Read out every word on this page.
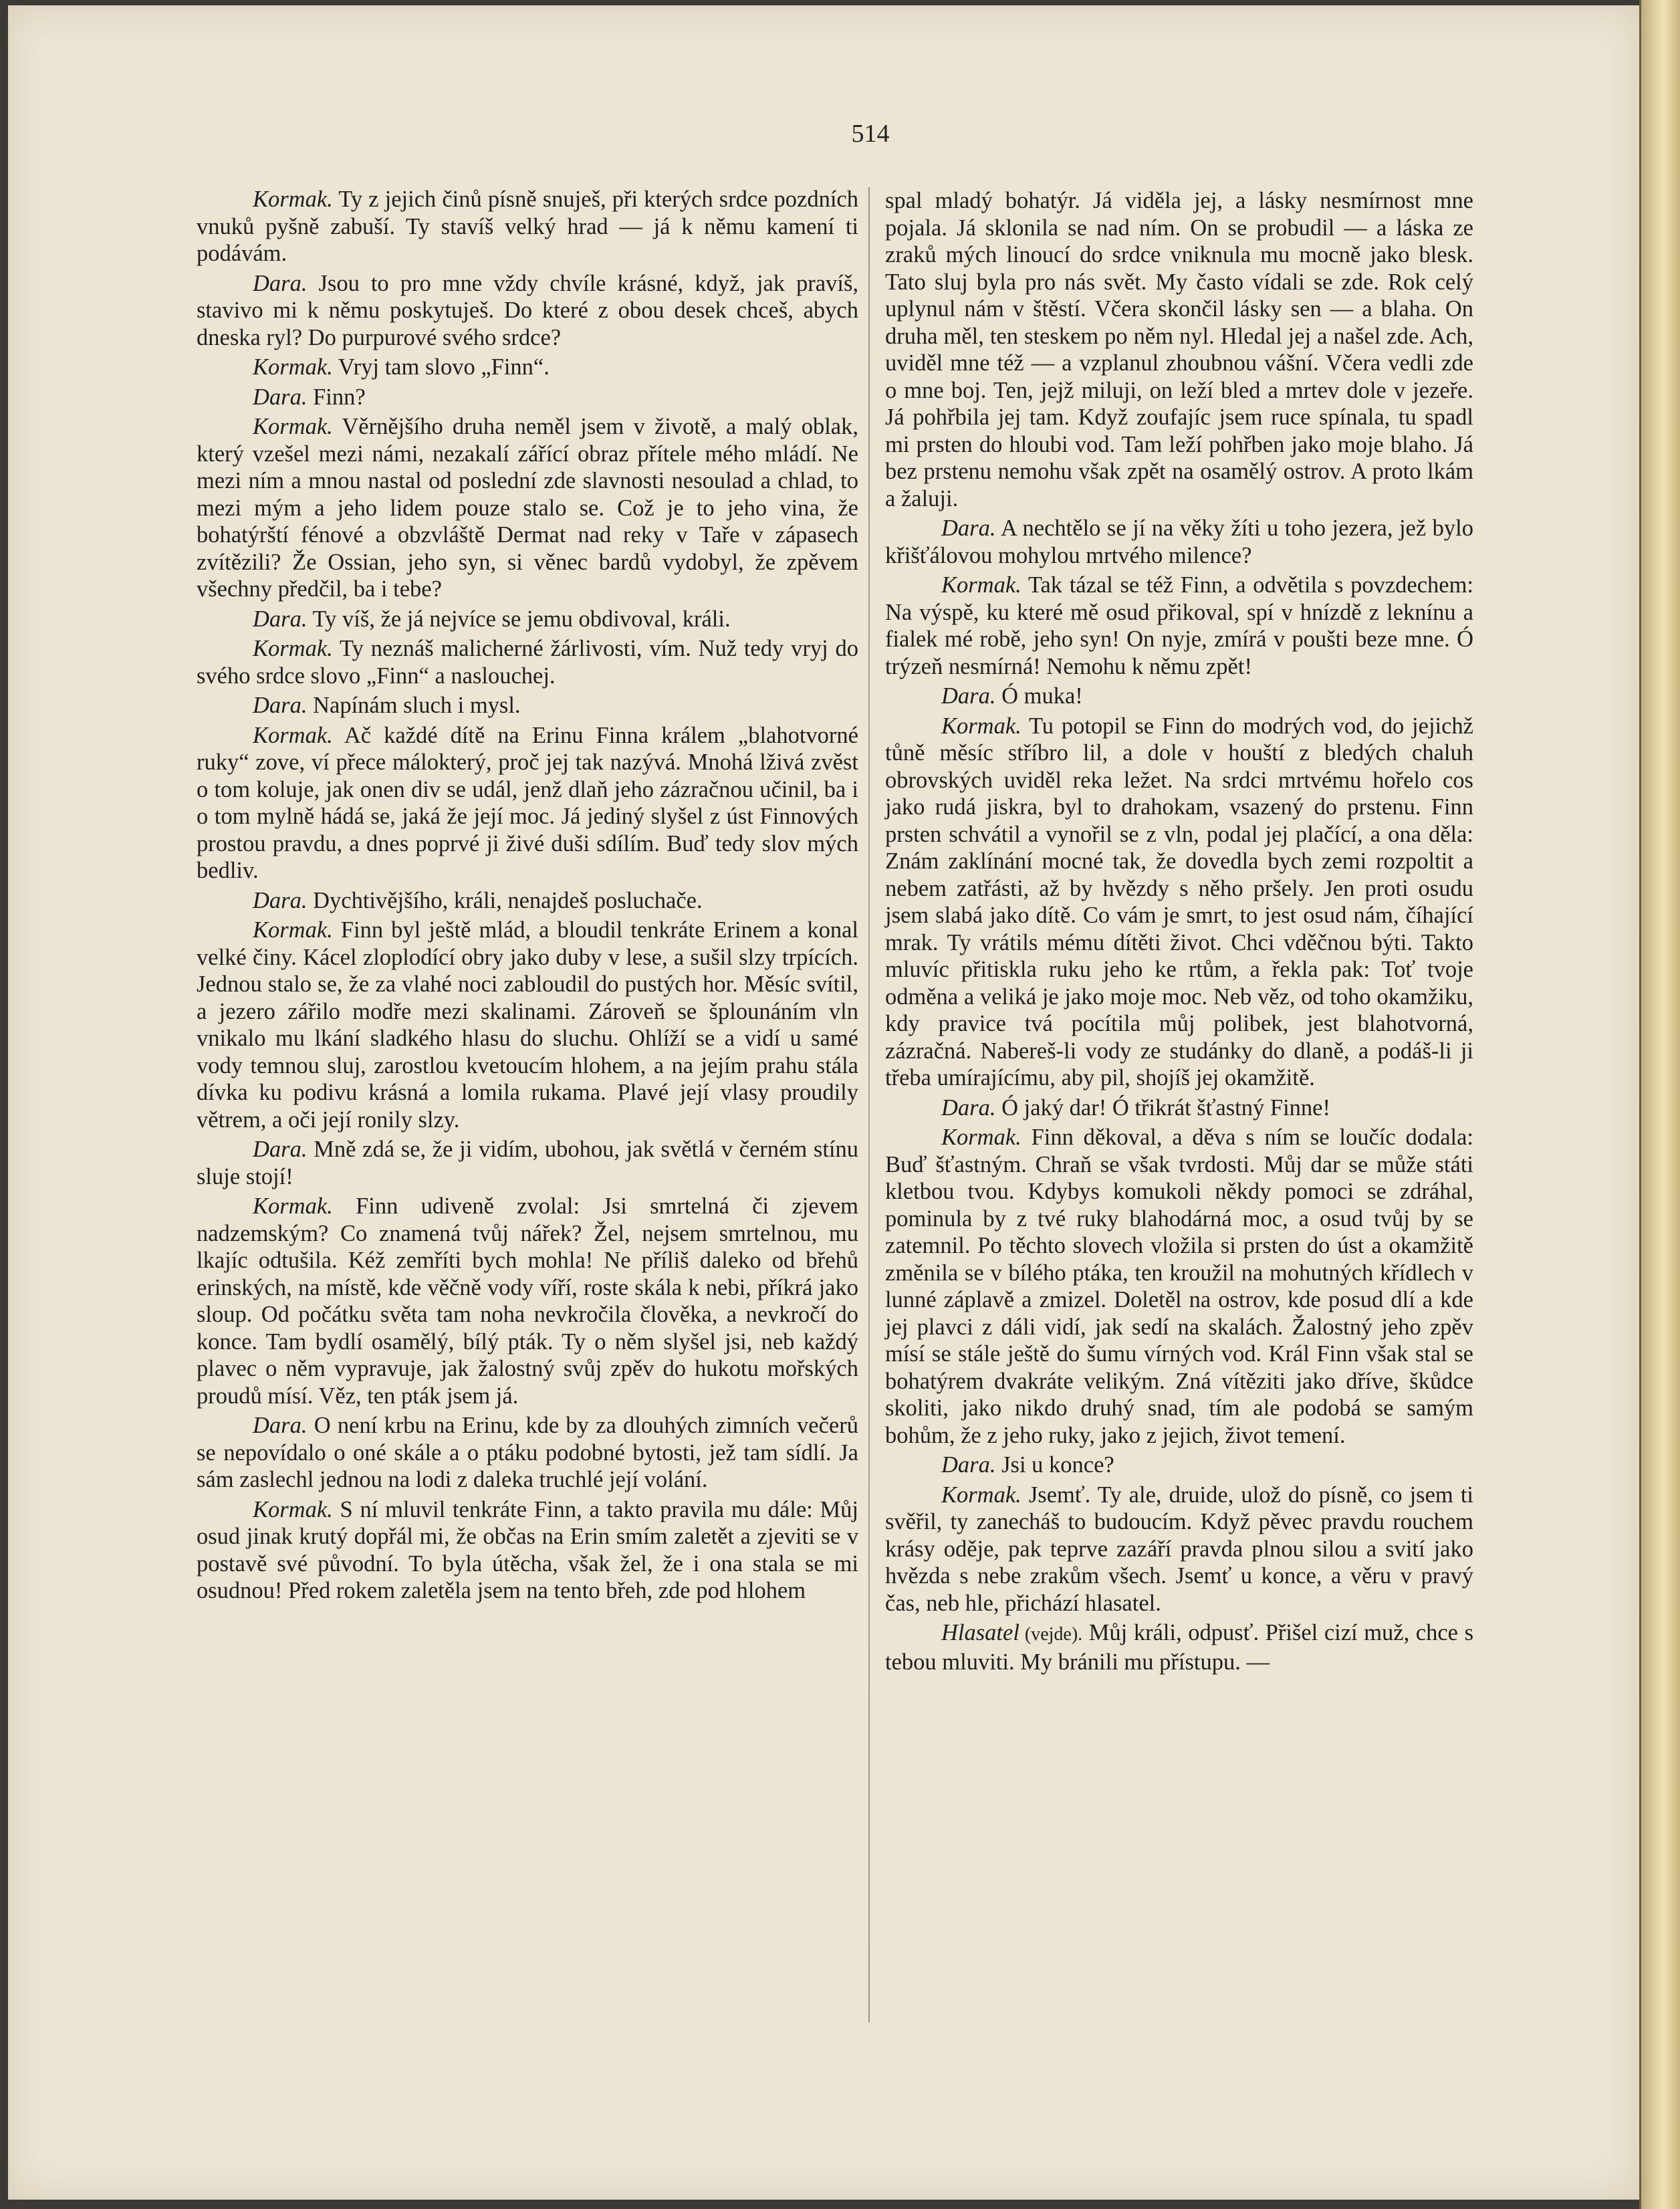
514

Kormak. Ty z jejich činů písně snuješ, při kterých srdce pozdních vnuků pyšně zabuší. Ty stavíš velký hrad — já k němu kamení ti podávám.

Dara. Jsou to pro mne vždy chvíle krásné, když, jak pravíš, stavivo mi k němu poskytuješ. Do které z obou desek chceš, abych dneska ryl? Do purpurové svého srdce?

Kormak. Vryj tam slovo „Finn“.

Dara. Finn?

Kormak. Věrnějšího druha neměl jsem v životě, a malý oblak, který vzešel mezi námi, nezakalí zářící obraz přítele mého mládí. Ne mezi ním a mnou nastal od poslední zde slavnosti nesoulad a chlad, to mezi mým a jeho lidem pouze stalo se. Což je to jeho vina, že bohatýrští fénové a obzvláště Dermat nad reky v Taře v zápasech zvítězili? Že Ossian, jeho syn, si věnec bardů vydobyl, že zpěvem všechny předčil, ba i tebe?

Dara. Ty víš, že já nejvíce se jemu obdivoval, králi.

Kormak. Ty neznáš malicherné žárlivosti, vím. Nuž tedy vryj do svého srdce slovo „Finn“ a naslouchej.

Dara. Napínám sluch i mysl.

Kormak. Ač každé dítě na Erinu Finna králem „blahotvorné ruky“ zove, ví přece málokterý, proč jej tak nazývá. Mnohá lživá zvěst o tom koluje, jak onen div se udál, jenž dlaň jeho zázračnou učinil, ba i o tom mylně hádá se, jaká že její moc. Já jediný slyšel z úst Finnových prostou pravdu, a dnes poprvé ji živé duši sdílím. Buď tedy slov mých bedliv.

Dara. Dychtivějšího, králi, nenajdeš posluchače.

Kormak. Finn byl ještě mlád, a bloudil tenkráte Erinem a konal velké činy. Kácel zloplodící obry jako duby v lese, a sušil slzy trpících. Jednou stalo se, že za vlahé noci zabloudil do pustých hor. Měsíc svítil, a jezero zářilo modře mezi skalinami. Zároveň se šplounáním vln vnikalo mu lkání sladkého hlasu do sluchu. Ohlíží se a vidí u samé vody temnou sluj, zarostlou kvetoucím hlohem, a na jejím prahu stála dívka ku podivu krásná a lomila rukama. Plavé její vlasy proudily větrem, a oči její ronily slzy.

Dara. Mně zdá se, že ji vidím, ubohou, jak světlá v černém stínu sluje stojí!

Kormak. Finn udiveně zvolal: Jsi smrtelná či zjevem nadzemským? Co znamená tvůj nářek? Žel, nejsem smrtelnou, mu lkajíc odtušila. Kéž zemříti bych mohla! Ne příliš daleko od břehů erinských, na místě, kde věčně vody víří, roste skála k nebi, příkrá jako sloup. Od počátku světa tam noha nevkročila člověka, a nevkročí do konce. Tam bydlí osamělý, bílý pták. Ty o něm slyšel jsi, neb každý plavec o něm vypravuje, jak žalostný svůj zpěv do hukotu mořských proudů mísí. Věz, ten pták jsem já.

Dara. O není krbu na Erinu, kde by za dlouhých zimních večerů se nepovídalo o oné skále a o ptáku podobné bytosti, jež tam sídlí. Ja sám zaslechl jednou na lodi z daleka truchlé její volání.

Kormak. S ní mluvil tenkráte Finn, a takto pravila mu dále: Můj osud jinak krutý dopřál mi, že občas na Erin smím zaletět a zjeviti se v postavě své původní. To byla útěcha, však žel, že i ona stala se mi osudnou! Před rokem zaletěla jsem na tento břeh, zde pod hlohem

spal mladý bohatýr. Já viděla jej, a lásky nesmírnost mne pojala. Já sklonila se nad ním. On se probudil — a láska ze zraků mých linoucí do srdce vniknula mu mocně jako blesk. Tato sluj byla pro nás svět. My často vídali se zde. Rok celý uplynul nám v štěstí. Včera skončil lásky sen — a blaha. On druha měl, ten steskem po něm nyl. Hledal jej a našel zde. Ach, uviděl mne též — a vzplanul zhoubnou vášní. Včera vedli zde o mne boj. Ten, jejž miluji, on leží bled a mrtev dole v jezeře. Já pohřbila jej tam. Když zoufajíc jsem ruce spínala, tu spadl mi prsten do hloubi vod. Tam leží pohřben jako moje blaho. Já bez prstenu nemohu však zpět na osamělý ostrov. A proto lkám a žaluji.

Dara. A nechtělo se jí na věky žíti u toho jezera, jež bylo křišťálovou mohylou mrtvého milence?

Kormak. Tak tázal se též Finn, a odvětila s povzdechem: Na výspě, ku které mě osud přikoval, spí v hnízdě z leknínu a fialek mé robě, jeho syn! On nyje, zmírá v poušti beze mne. Ó trýzeň nesmírná! Nemohu k němu zpět!

Dara. Ó muka!

Kormak. Tu potopil se Finn do modrých vod, do jejichž tůně měsíc stříbro lil, a dole v houští z bledých chaluh obrovských uviděl reka ležet. Na srdci mrtvému hořelo cos jako rudá jiskra, byl to drahokam, vsazený do prstenu. Finn prsten schvátil a vynořil se z vln, podal jej plačící, a ona děla: Znám zaklínání mocné tak, že dovedla bych zemi rozpoltit a nebem zatřásti, až by hvězdy s něho pršely. Jen proti osudu jsem slabá jako dítě. Co vám je smrt, to jest osud nám, číhající mrak. Ty vrátils mému dítěti život. Chci vděčnou býti. Takto mluvíc přitiskla ruku jeho ke rtům, a řekla pak: Toť tvoje odměna a veliká je jako moje moc. Neb věz, od toho okamžiku, kdy pravice tvá pocítila můj polibek, jest blahotvorná, zázračná. Nabereš-li vody ze studánky do dlaně, a podáš-li ji třeba umírajícímu, aby pil, shojíš jej okamžitě.

Dara. Ó jaký dar! Ó třikrát šťastný Finne!

Kormak. Finn děkoval, a děva s ním se loučíc dodala: Buď šťastným. Chraň se však tvrdosti. Můj dar se může státi kletbou tvou. Kdybys komukoli někdy pomoci se zdráhal, pominula by z tvé ruky blahodárná moc, a osud tvůj by se zatemnil. Po těchto slovech vložila si prsten do úst a okamžitě změnila se v bílého ptáka, ten kroužil na mohutných křídlech v lunné záplavě a zmizel. Doletěl na ostrov, kde posud dlí a kde jej plavci z dáli vidí, jak sedí na skalách. Žalostný jeho zpěv mísí se stále ještě do šumu vírných vod. Král Finn však stal se bohatýrem dvakráte velikým. Zná vítěziti jako dříve, škůdce skoliti, jako nikdo druhý snad, tím ale podobá se samým bohům, že z jeho ruky, jako z jejich, život temení.

Dara. Jsi u konce?

Kormak. Jsemť. Ty ale, druide, ulož do písně, co jsem ti svěřil, ty zanecháš to budoucím. Když pěvec pravdu rouchem krásy oděje, pak teprve zazáří pravda plnou silou a svití jako hvězda s nebe zrakům všech. Jsemť u konce, a věru v pravý čas, neb hle, přichází hlasatel.

Hlasatel (vejde). Můj králi, odpusť. Přišel cizí muž, chce s tebou mluviti. My bránili mu přístupu. —
